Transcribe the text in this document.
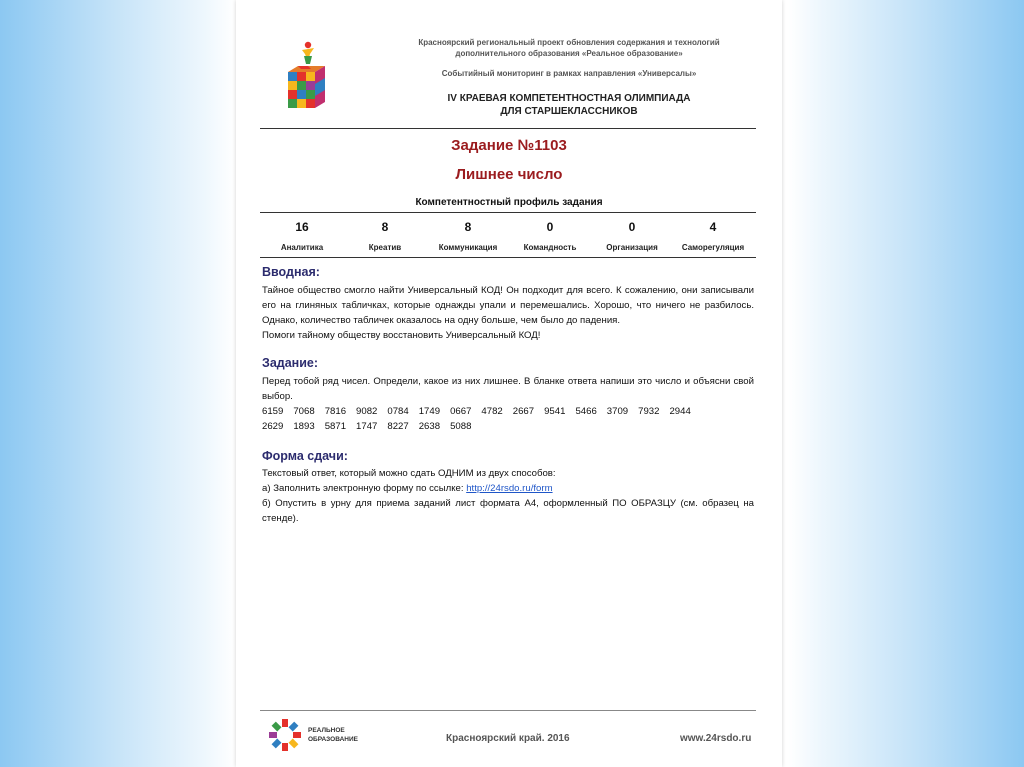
Красноярский региональный проект обновления содержания и технологий
дополнительного образования «Реальное образование»
Событийный мониторинг в рамках направления «Универсалы»
IV КРАЕВАЯ КОМПЕТЕНТНОСТНАЯ ОЛИМПИАДА
ДЛЯ СТАРШЕКЛАССНИКОВ
Задание №1103
Лишнее число
Компетентностный профиль задания
16
Аналитика
8
Креатив
8
Коммуникация
0
Командность
0
Организация
4
Саморегуляция
Вводная:

Тайное общество смогло найти Универсальный КОД! Он подходит для всего. К сожалению, они записывали его на глиняных табличках, которые однажды упали и перемешались. Хорошо, что ничего не разбилось. Однако, количество табличек оказалось на одну больше, чем было до падения.

Помоги тайному обществу восстановить Универсальный КОД!

Задание:

Перед тобой ряд чисел. Определи, какое из них лишнее. В бланке ответа напиши это число и объясни свой выбор.

6159 7068 7816 9082 0784 1749 0667 4782 2667 9541 5466 3709 7932 2944

2629 1893 5871 1747 8227 2638 5088

Форма сдачи:

Текстовый ответ, который можно сдать ОДНИМ из двух способов:

а) Заполнить электронную форму по ссылке: http://24rsdo.ru/form

б) Опустить в урну для приема заданий лист формата А4, оформленный ПО ОБРАЗЦУ (см. образец на стенде).

РЕАЛЬНОЕ
ОБРАЗОВАНИЕ	Красноярский край. 2016	www.24rsdo.ru
